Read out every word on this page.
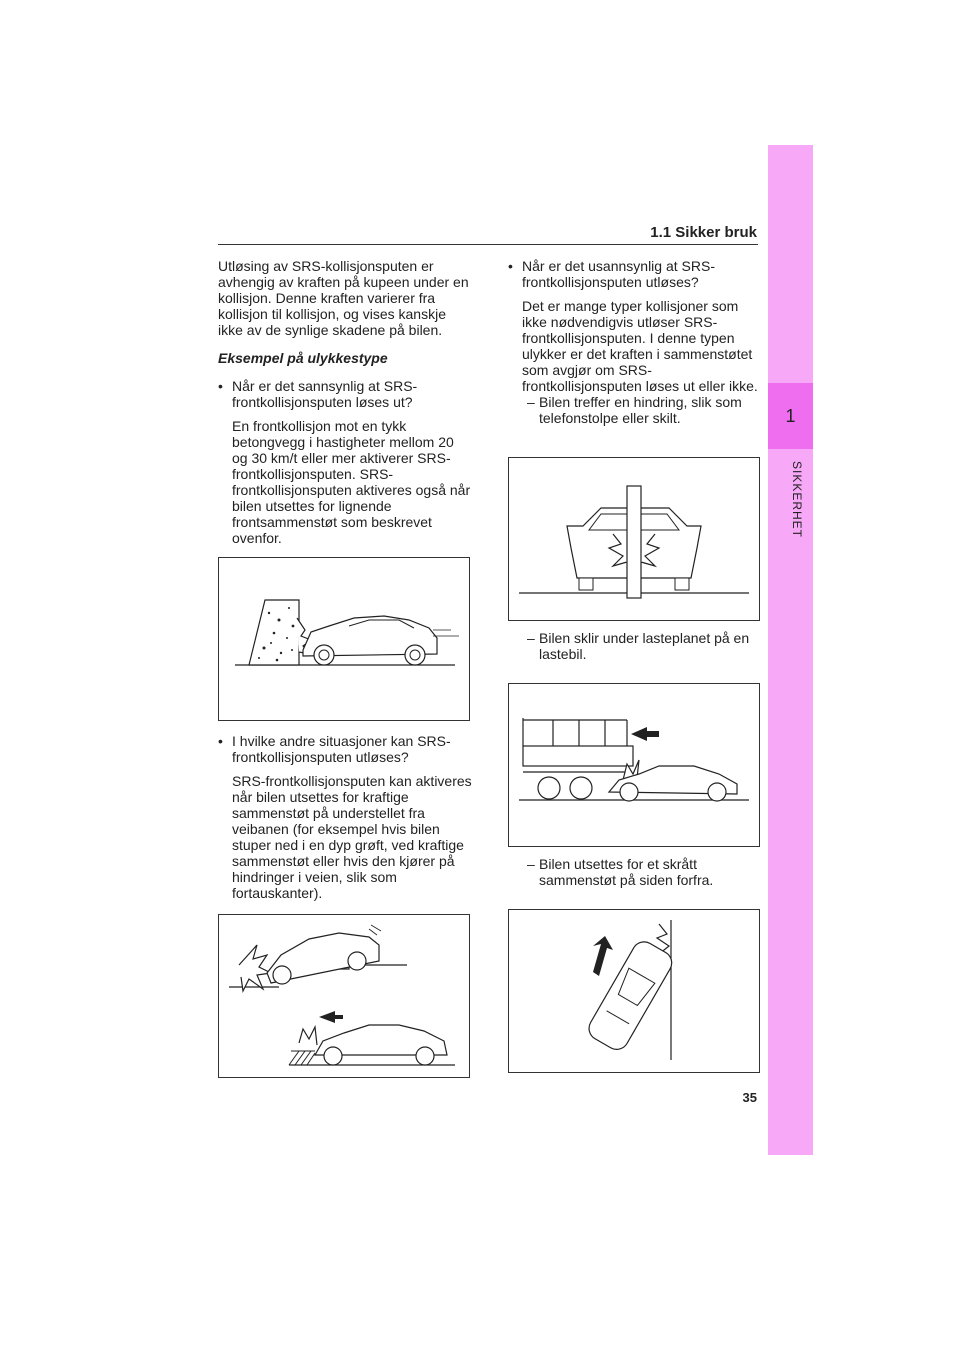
1
SIKKERHET
1.1 Sikker bruk

Utløsing av SRS-kollisjonsputen er avhengig av kraften på kupeen under en kollisjon. Denne kraften varierer fra kollisjon til kollisjon, og vises kanskje ikke av de synlige skadene på bilen.

Eksempel på ulykkestype

• Når er det sannsynlig at SRS-frontkollisjonsputen løses ut?

En frontkollisjon mot en tykk betongvegg i hastigheter mellom 20 og 30 km/t eller mer aktiverer SRS-frontkollisjonsputen. SRS-frontkollisjonsputen aktiveres også når bilen utsettes for lignende frontsammenstøt som beskrevet ovenfor.

• I hvilke andre situasjoner kan SRS-frontkollisjonsputen utløses?

SRS-frontkollisjonsputen kan aktiveres når bilen utsettes for kraftige sammenstøt på understellet fra veibanen (for eksempel hvis bilen stuper ned i en dyp grøft, ved kraftige sammenstøt eller hvis den kjører på hindringer i veien, slik som fortauskanter).

• Når er det usannsynlig at SRS-frontkollisjonsputen utløses?

Det er mange typer kollisjoner som ikke nødvendigvis utløser SRS-frontkollisjonsputen. I denne typen ulykker er det kraften i sammenstøtet som avgjør om SRS-frontkollisjonsputen løses ut eller ikke.

– Bilen treffer en hindring, slik som telefonstolpe eller skilt.

– Bilen sklir under lasteplanet på en lastebil.

– Bilen utsettes for et skrått sammenstøt på siden forfra.

35
